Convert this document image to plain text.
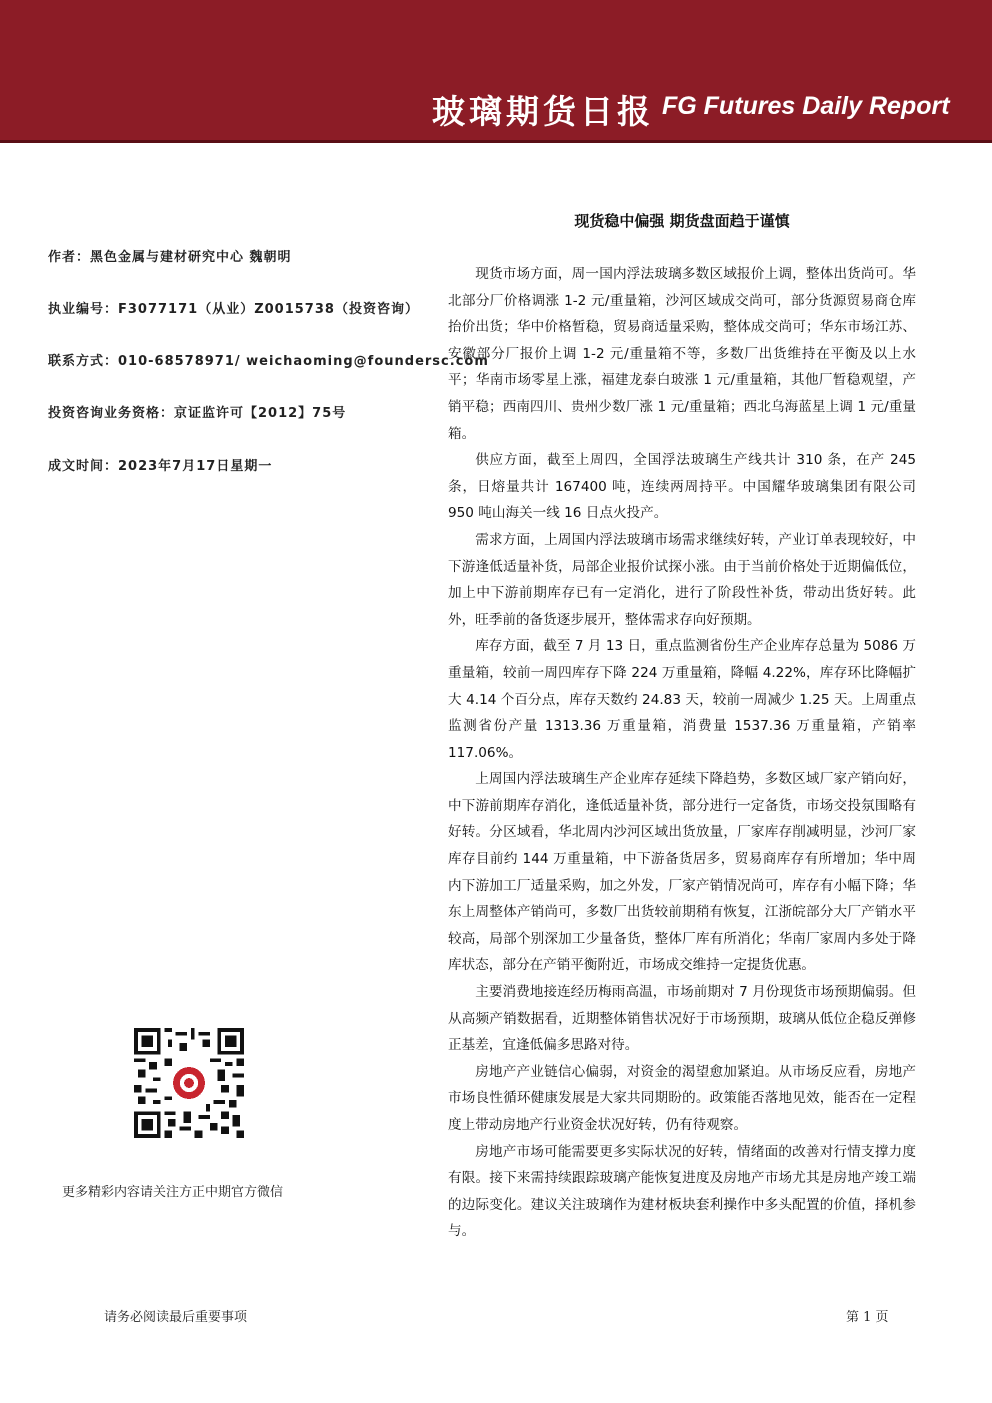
玻璃期货日报 FG Futures Daily Report
作者：黑色金属与建材研究中心 魏朝明
执业编号：F3077171（从业）Z0015738（投资咨询）
联系方式：010-68578971/ weichaoming@foundersc.com
投资咨询业务资格：京证监许可【2012】75号
成文时间：2023年7月17日星期一
现货稳中偏强 期货盘面趋于谨慎

现货市场方面，周一国内浮法玻璃多数区域报价上调，整体出货尚可。华北部分厂价格调涨 1-2 元/重量箱，沙河区域成交尚可，部分货源贸易商仓库抬价出货；华中价格暂稳，贸易商适量采购，整体成交尚可；华东市场江苏、安徽部分厂报价上调 1-2 元/重量箱不等，多数厂出货维持在平衡及以上水平；华南市场零星上涨，福建龙泰白玻涨 1 元/重量箱，其他厂暂稳观望，产销平稳；西南四川、贵州少数厂涨 1 元/重量箱；西北乌海蓝星上调 1 元/重量箱。

供应方面，截至上周四，全国浮法玻璃生产线共计 310 条，在产 245 条，日熔量共计 167400 吨，连续两周持平。中国耀华玻璃集团有限公司 950 吨山海关一线 16 日点火投产。

需求方面，上周国内浮法玻璃市场需求继续好转，产业订单表现较好，中下游逢低适量补货，局部企业报价试探小涨。由于当前价格处于近期偏低位，加上中下游前期库存已有一定消化，进行了阶段性补货，带动出货好转。此外，旺季前的备货逐步展开，整体需求存向好预期。

库存方面，截至 7 月 13 日，重点监测省份生产企业库存总量为 5086 万重量箱，较前一周四库存下降 224 万重量箱，降幅 4.22%，库存环比降幅扩大 4.14 个百分点，库存天数约 24.83 天，较前一周减少 1.25 天。上周重点监测省份产量 1313.36 万重量箱，消费量 1537.36 万重量箱，产销率 117.06%。

上周国内浮法玻璃生产企业库存延续下降趋势，多数区域厂家产销向好，中下游前期库存消化，逢低适量补货，部分进行一定备货，市场交投氛围略有好转。分区域看，华北周内沙河区域出货放量，厂家库存削减明显，沙河厂家库存目前约 144 万重量箱，中下游备货居多，贸易商库存有所增加；华中周内下游加工厂适量采购，加之外发，厂家产销情况尚可，库存有小幅下降；华东上周整体产销尚可，多数厂出货较前期稍有恢复，江浙皖部分大厂产销水平较高，局部个别深加工少量备货，整体厂库有所消化；华南厂家周内多处于降库状态，部分在产销平衡附近，市场成交维持一定提货优惠。

主要消费地接连经历梅雨高温，市场前期对 7 月份现货市场预期偏弱。但从高频产销数据看，近期整体销售状况好于市场预期，玻璃从低位企稳反弹修正基差，宜逢低偏多思路对待。

房地产产业链信心偏弱，对资金的渴望愈加紧迫。从市场反应看，房地产市场良性循环健康发展是大家共同期盼的。政策能否落地见效，能否在一定程度上带动房地产行业资金状况好转，仍有待观察。

房地产市场可能需要更多实际状况的好转，情绪面的改善对行情支撑力度有限。接下来需持续跟踪玻璃产能恢复进度及房地产市场尤其是房地产竣工端的边际变化。建议关注玻璃作为建材板块套利操作中多头配置的价值，择机参与。

更多精彩内容请关注方正中期官方微信
请务必阅读最后重要事项	第 1 页
